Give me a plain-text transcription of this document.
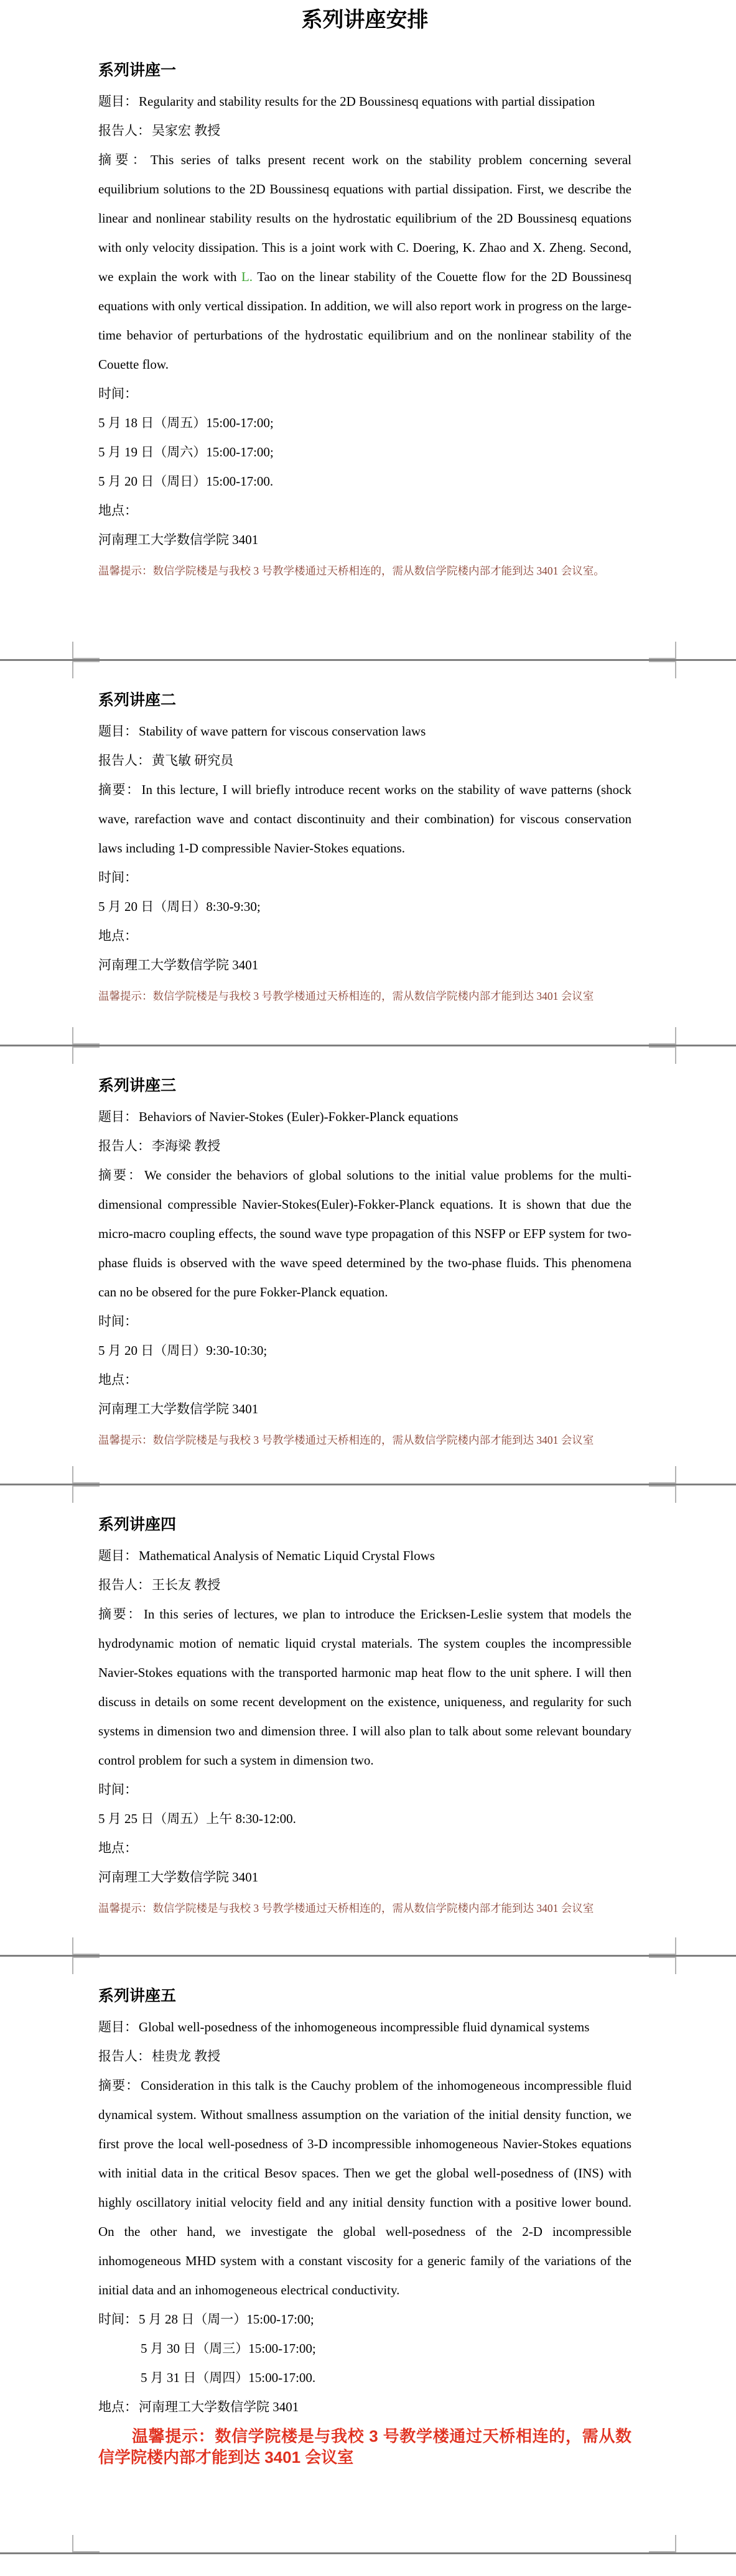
系列讲座安排
系列讲座一

题目：Regularity and stability results for the 2D Boussinesq equations with partial dissipation

报告人：吴家宏 教授

摘要：This series of talks present recent work on the stability problem concerning several equilibrium solutions to the 2D Boussinesq equations with partial dissipation. First, we describe the linear and nonlinear stability results on the hydrostatic equilibrium of the 2D Boussinesq equations with only velocity dissipation. This is a joint work with C. Doering, K. Zhao and X. Zheng. Second, we explain the work with L. Tao on the linear stability of the Couette flow for the 2D Boussinesq equations with only vertical dissipation. In addition, we will also report work in progress on the large-time behavior of perturbations of the hydrostatic equilibrium and on the nonlinear stability of the Couette flow.

时间：

5 月 18 日（周五）15:00-17:00;

5 月 19 日（周六）15:00-17:00;

5 月 20 日（周日）15:00-17:00.

地点：

河南理工大学数信学院 3401

温馨提示：数信学院楼是与我校 3 号教学楼通过天桥相连的，需从数信学院楼内部才能到达 3401 会议室。

系列讲座二

题目：Stability of wave pattern for viscous conservation laws

报告人：黄飞敏 研究员

摘要：In this lecture, I will briefly introduce recent works on the stability of wave patterns (shock wave, rarefaction wave and contact discontinuity and their combination) for viscous conservation laws including 1-D compressible Navier-Stokes equations.

时间：

5 月 20 日（周日）8:30-9:30;

地点：

河南理工大学数信学院 3401

温馨提示：数信学院楼是与我校 3 号教学楼通过天桥相连的，需从数信学院楼内部才能到达 3401 会议室

系列讲座三

题目：Behaviors of Navier-Stokes (Euler)-Fokker-Planck equations

报告人：李海梁 教授

摘要：We consider the behaviors of global solutions to the initial value problems for the multi-dimensional compressible Navier-Stokes(Euler)-Fokker-Planck equations. It is shown that due the micro-macro coupling effects, the sound wave type propagation of this NSFP or EFP system for two-phase fluids is observed with the wave speed determined by the two-phase fluids. This phenomena can no be obsered for the pure Fokker-Planck equation.

时间：

5 月 20 日（周日）9:30-10:30;

地点：

河南理工大学数信学院 3401

温馨提示：数信学院楼是与我校 3 号教学楼通过天桥相连的，需从数信学院楼内部才能到达 3401 会议室

系列讲座四

题目：Mathematical Analysis of Nematic Liquid Crystal Flows

报告人：王长友 教授

摘要：In this series of lectures, we plan to introduce the Ericksen-Leslie system that models the hydrodynamic motion of nematic liquid crystal materials. The system couples the incompressible Navier-Stokes equations with the transported harmonic map heat flow to the unit sphere. I will then discuss in details on some recent development on the existence, uniqueness, and regularity for such systems in dimension two and dimension three. I will also plan to talk about some relevant boundary control problem for such a system in dimension two.

时间：

5 月 25 日（周五）上午 8:30-12:00.

地点：

河南理工大学数信学院 3401

温馨提示：数信学院楼是与我校 3 号教学楼通过天桥相连的，需从数信学院楼内部才能到达 3401 会议室

系列讲座五

题目：Global well-posedness of the inhomogeneous incompressible fluid dynamical systems

报告人：桂贵龙 教授

摘要：Consideration in this talk is the Cauchy problem of the inhomogeneous incompressible fluid dynamical system. Without smallness assumption on the variation of the initial density function, we first prove the local well-posedness of 3-D incompressible inhomogeneous Navier-Stokes equations with initial data in the critical Besov spaces. Then we get the global well-posedness of (INS) with highly oscillatory initial velocity field and any initial density function with a positive lower bound. On the other hand, we investigate the global well-posedness of the 2-D incompressible inhomogeneous MHD system with a constant viscosity for a generic family of the variations of the initial data and an inhomogeneous electrical conductivity.

时间：5 月 28 日（周一）15:00-17:00;

5 月 30 日（周三）15:00-17:00;

5 月 31 日（周四）15:00-17:00.

地点：河南理工大学数信学院 3401

温馨提示：数信学院楼是与我校 3 号教学楼通过天桥相连的，需从数信学院楼内部才能到达 3401 会议室
